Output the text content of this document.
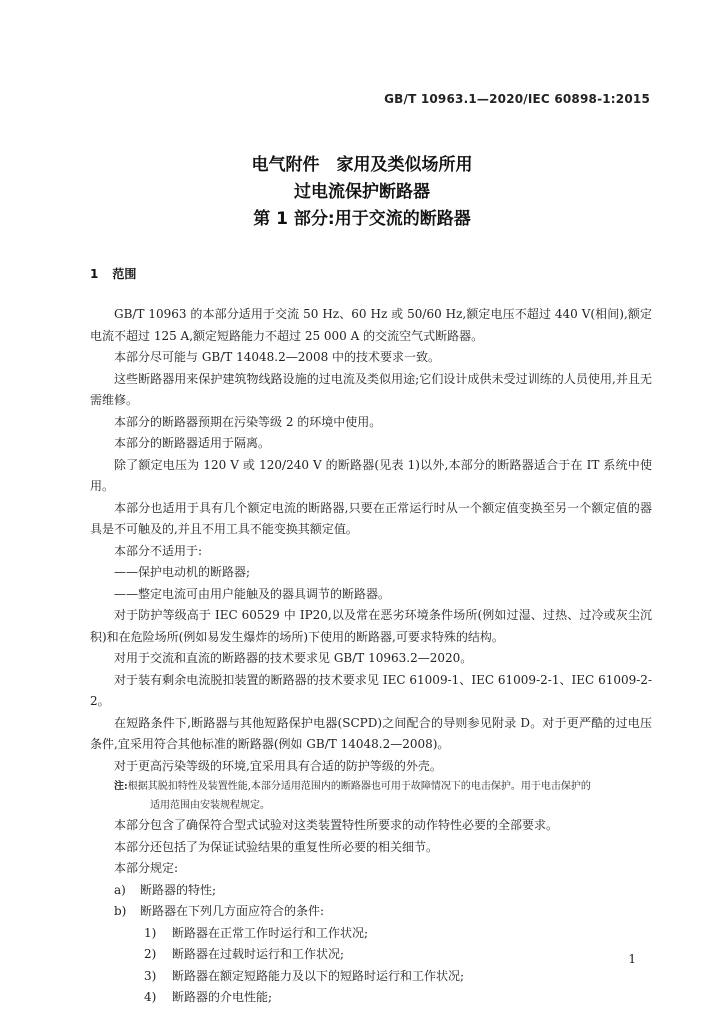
GB/T 10963.1—2020/IEC 60898-1:2015
电气附件　家用及类似场所用
过电流保护断路器
第 1 部分:用于交流的断路器
1 范围

GB/T 10963 的本部分适用于交流 50 Hz、60 Hz 或 50/60 Hz,额定电压不超过 440 V(相间),额定电流不超过 125 A,额定短路能力不超过 25 000 A 的交流空气式断路器。

本部分尽可能与 GB/T 14048.2—2008 中的技术要求一致。

这些断路器用来保护建筑物线路设施的过电流及类似用途;它们设计成供未受过训练的人员使用,并且无需维修。

本部分的断路器预期在污染等级 2 的环境中使用。

本部分的断路器适用于隔离。

除了额定电压为 120 V 或 120/240 V 的断路器(见表 1)以外,本部分的断路器适合于在 IT 系统中使用。

本部分也适用于具有几个额定电流的断路器,只要在正常运行时从一个额定值变换至另一个额定值的器具是不可触及的,并且不用工具不能变换其额定值。

本部分不适用于:

——保护电动机的断路器;

——整定电流可由用户能触及的器具调节的断路器。

对于防护等级高于 IEC 60529 中 IP20,以及常在恶劣环境条件场所(例如过湿、过热、过冷或灰尘沉积)和在危险场所(例如易发生爆炸的场所)下使用的断路器,可要求特殊的结构。

对用于交流和直流的断路器的技术要求见 GB/T 10963.2—2020。

对于装有剩余电流脱扣装置的断路器的技术要求见 IEC 61009-1、IEC 61009-2-1、IEC 61009-2-2。

在短路条件下,断路器与其他短路保护电器(SCPD)之间配合的导则参见附录 D。对于更严酷的过电压条件,宜采用符合其他标准的断路器(例如 GB/T 14048.2—2008)。

对于更高污染等级的环境,宜采用具有合适的防护等级的外壳。

注:根据其脱扣特性及装置性能,本部分适用范围内的断路器也可用于故障情况下的电击保护。用于电击保护的

适用范围由安装规程规定。

本部分包含了确保符合型式试验对这类装置特性所要求的动作特性必要的全部要求。

本部分还包括了为保证试验结果的重复性所必要的相关细节。

本部分规定:

a) 断路器的特性;

b) 断路器在下列几方面应符合的条件:

1) 断路器在正常工作时运行和工作状况;

2) 断路器在过载时运行和工作状况;

3) 断路器在额定短路能力及以下的短路时运行和工作状况;

4) 断路器的介电性能;

1
